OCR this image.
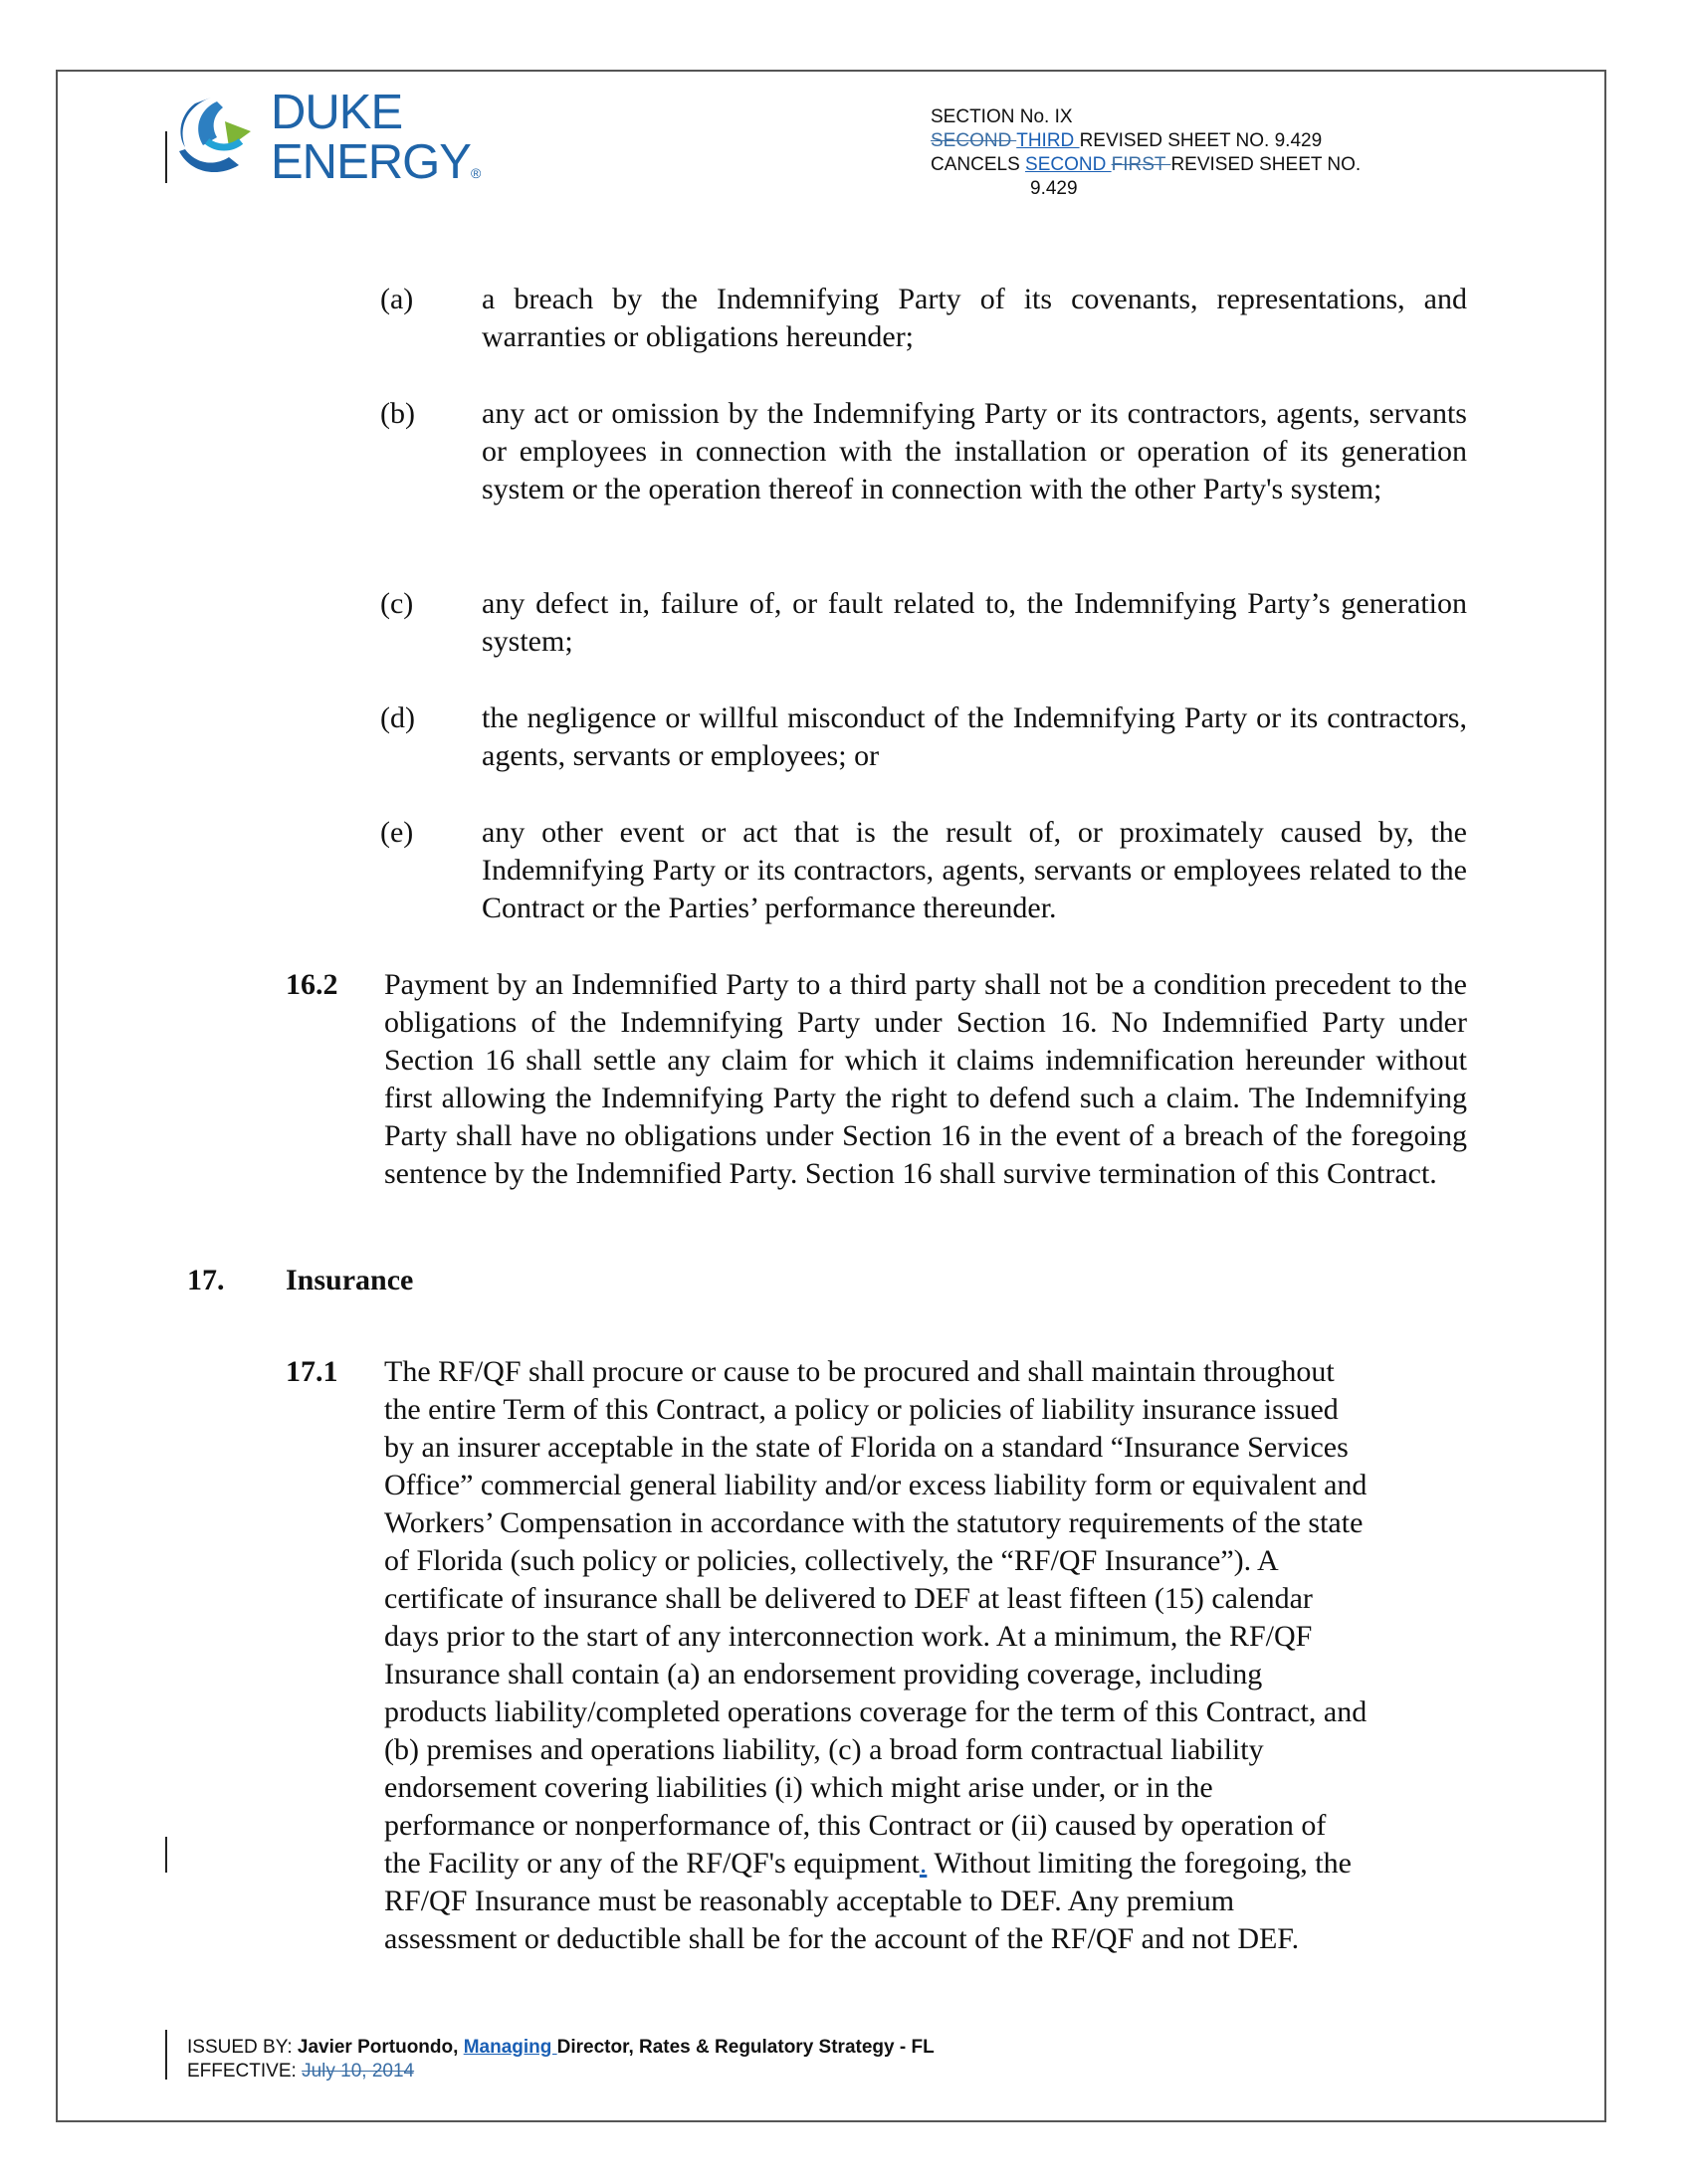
DUKE
ENERGY®
SECTION No. IX
SECOND THIRD REVISED SHEET NO. 9.429
CANCELS SECOND FIRST REVISED SHEET NO.
9.429
(a) a breach by the Indemnifying Party of its covenants, representations, and warranties or obligations hereunder;
(b) any act or omission by the Indemnifying Party or its contractors, agents, servants or employees in connection with the installation or operation of its generation system or the operation thereof in connection with the other Party's system;
(c) any defect in, failure of, or fault related to, the Indemnifying Party’s generation system;
(d) the negligence or willful misconduct of the Indemnifying Party or its contractors, agents, servants or employees; or
(e) any other event or act that is the result of, or proximately caused by, the Indemnifying Party or its contractors, agents, servants or employees related to the Contract or the Parties’ performance thereunder.
16.2 Payment by an Indemnified Party to a third party shall not be a condition precedent to the obligations of the Indemnifying Party under Section 16. No Indemnified Party under Section 16 shall settle any claim for which it claims indemnification hereunder without first allowing the Indemnifying Party the right to defend such a claim. The Indemnifying Party shall have no obligations under Section 16 in the event of a breach of the foregoing sentence by the Indemnified Party. Section 16 shall survive termination of this Contract.
17. Insurance
17.1 The RF/QF shall procure or cause to be procured and shall maintain throughout
the entire Term of this Contract, a policy or policies of liability insurance issued
by an insurer acceptable in the state of Florida on a standard “Insurance Services
Office” commercial general liability and/or excess liability form or equivalent and
Workers’ Compensation in accordance with the statutory requirements of the state
of Florida (such policy or policies, collectively, the “RF/QF Insurance”). A
certificate of insurance shall be delivered to DEF at least fifteen (15) calendar
days prior to the start of any interconnection work. At a minimum, the RF/QF
Insurance shall contain (a) an endorsement providing coverage, including
products liability/completed operations coverage for the term of this Contract, and
(b) premises and operations liability, (c) a broad form contractual liability
endorsement covering liabilities (i) which might arise under, or in the
performance or nonperformance of, this Contract or (ii) caused by operation of
the Facility or any of the RF/QF's equipment. Without limiting the foregoing, the
RF/QF Insurance must be reasonably acceptable to DEF. Any premium
assessment or deductible shall be for the account of the RF/QF and not DEF.
ISSUED BY: Javier Portuondo, Managing Director, Rates & Regulatory Strategy - FL
EFFECTIVE: July 10, 2014
